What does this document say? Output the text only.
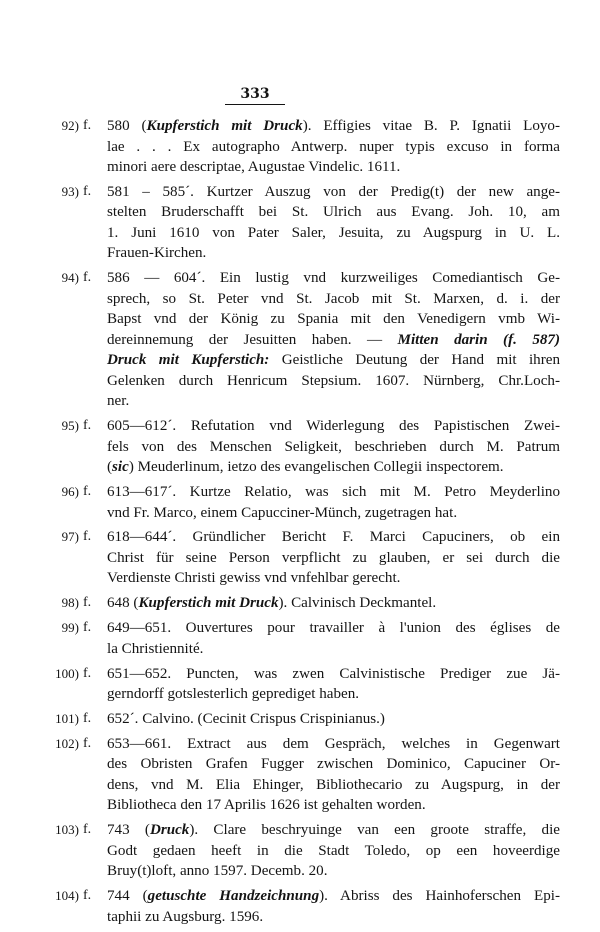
333
92) f. 580 (Kupferstich mit Druck). Effigies vitae B. P. Ignatii Loyo-
lae . . . Ex autographo Antwerp. nuper typis excuso in forma
minori aere descriptae, Augustae Vindelic. 1611.
93) f. 581 – 585´. Kurtzer Auszug von der Predig(t) der new ange-
stelten Bruderschafft bei St. Ulrich aus Evang. Joh. 10, am
1. Juni 1610 von Pater Saler, Jesuita, zu Augspurg in U. L.
Frauen-Kirchen.
94) f. 586 — 604´. Ein lustig vnd kurzweiliges Comediantisch Ge-
sprech, so St. Peter vnd St. Jacob mit St. Marxen, d. i. der
Bapst vnd der König zu Spania mit den Venedigern vmb Wi-
dereinnemung der Jesuitten haben. — Mitten darin (f. 587)
Druck mit Kupferstich: Geistliche Deutung der Hand mit ihren
Gelenken durch Henricum Stepsium. 1607. Nürnberg, Chr.Loch-
ner.
95) f. 605—612´. Refutation vnd Widerlegung des Papistischen Zwei-
fels von des Menschen Seligkeit, beschrieben durch M. Patrum
(sic) Meuderlinum, ietzo des evangelischen Collegii inspectorem.
96) f. 613—617´. Kurtze Relatio, was sich mit M. Petro Meyderlino
vnd Fr. Marco, einem Capucciner-Münch, zugetragen hat.
97) f. 618—644´. Gründlicher Bericht F. Marci Capuciners, ob ein
Christ für seine Person verpflicht zu glauben, er sei durch die
Verdienste Christi gewiss vnd vnfehlbar gerecht.
98) f. 648 (Kupferstich mit Druck). Calvinisch Deckmantel.
99) f. 649—651. Ouvertures pour travailler à l'union des églises de
la Christiennité.
100) f. 651—652. Puncten, was zwen Calvinistische Prediger zue Jä-
gerndorff gotslesterlich geprediget haben.
101) f. 652´. Calvino. (Cecinit Crispus Crispinianus.)
102) f. 653—661. Extract aus dem Gespräch, welches in Gegenwart
des Obristen Grafen Fugger zwischen Dominico, Capuciner Or-
dens, vnd M. Elia Ehinger, Bibliothecario zu Augspurg, in der
Bibliotheca den 17 Aprilis 1626 ist gehalten worden.
103) f. 743 (Druck). Clare beschryuinge van een groote straffe, die
Godt gedaen heeft in die Stadt Toledo, op een hoveerdige
Bruy(t)loft, anno 1597. Decemb. 20.
104) f. 744 (getuschte Handzeichnung). Abriss des Hainhoferschen Epi-
taphii zu Augsburg. 1596.
